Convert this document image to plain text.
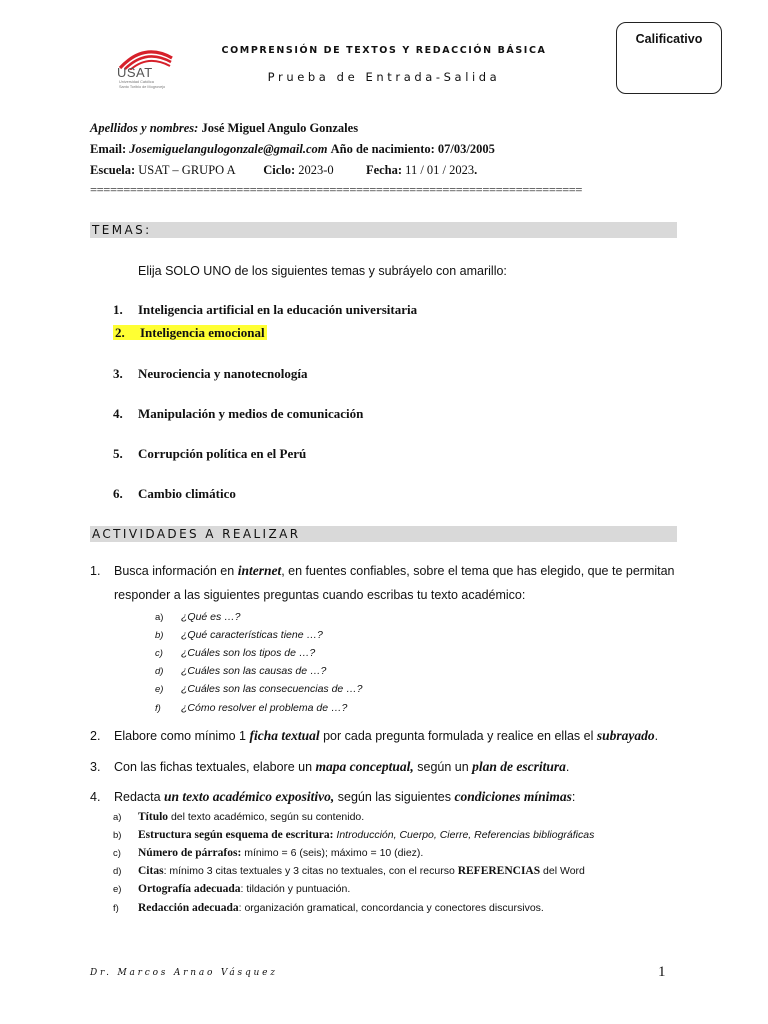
USAT
Universidad Católica
Santo Toribio de Mogrovejo
Calificativo
COMPRENSIÓN DE TEXTOS Y REDACCIÓN BÁSICA
Prueba de Entrada-Salida
Apellidos y nombres: José Miguel Angulo Gonzales
Email: Josemiguelangulogonzale@gmail.com Año de nacimiento: 07/03/2005
Escuela: USAT – GRUPO A Ciclo: 2023-0	Fecha: 11 / 01 / 2023.
==========================================================================
TEMAS:
Elija SOLO UNO de los siguientes temas y subráyelo con amarillo:
1. Inteligencia artificial en la educación universitaria
2. Inteligencia emocional
3. Neurociencia y nanotecnología
4. Manipulación y medios de comunicación
5. Corrupción política en el Perú
6. Cambio climático
ACTIVIDADES A REALIZAR
1. Busca información en internet, en fuentes confiables, sobre el tema que has elegido, que te permitan
responder a las siguientes preguntas cuando escribas tu texto académico:
a) ¿Qué es …?
b) ¿Qué características tiene …?
c) ¿Cuáles son los tipos de …?
d) ¿Cuáles son las causas de …?
e) ¿Cuáles son las consecuencias de …?
f) ¿Cómo resolver el problema de …?
2. Elabore como mínimo 1 ficha textual por cada pregunta formulada y realice en ellas el subrayado.
3. Con las fichas textuales, elabore un mapa conceptual, según un plan de escritura.
4. Redacta un texto académico expositivo, según las siguientes condiciones mínimas:
a) Título del texto académico, según su contenido.
b) Estructura según esquema de escritura: Introducción, Cuerpo, Cierre, Referencias bibliográficas
c) Número de párrafos: mínimo = 6 (seis); máximo = 10 (diez).
d) Citas: mínimo 3 citas textuales y 3 citas no textuales, con el recurso REFERENCIAS del Word
e) Ortografía adecuada: tildación y puntuación.
f) Redacción adecuada: organización gramatical, concordancia y conectores discursivos.
Dr. Marcos Arnao Vásquez	1
